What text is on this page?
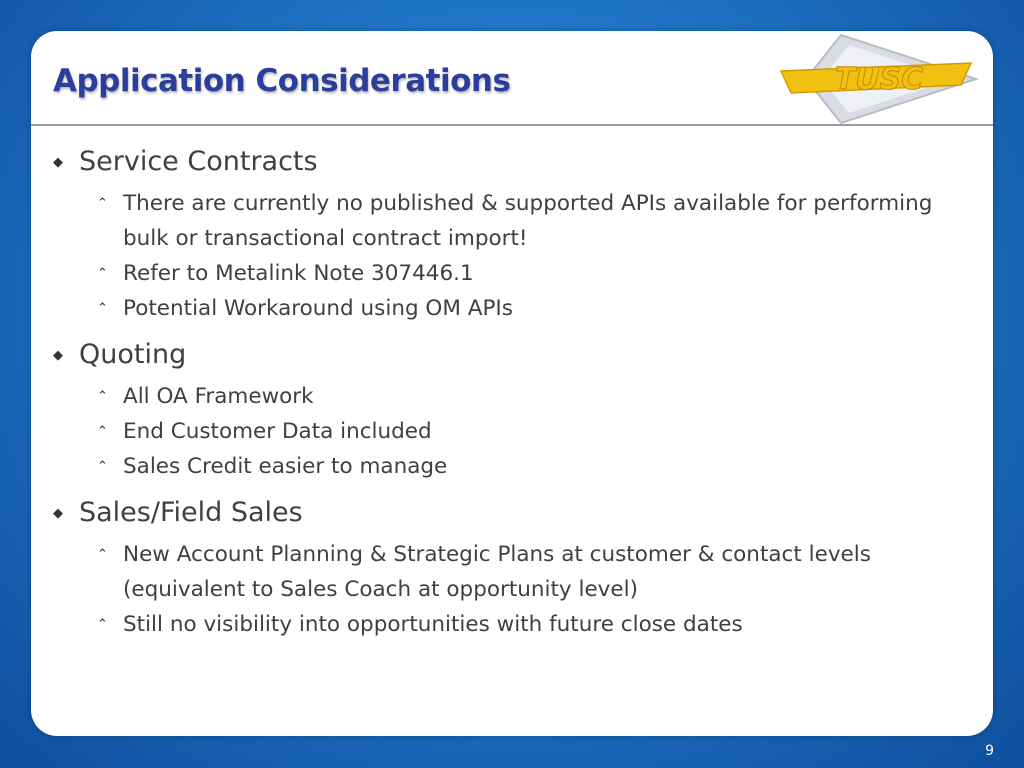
Application Considerations	TUSC
◆ Service Contracts
⌃ There are currently no published & supported APIs available for performing bulk or transactional contract import!
⌃ Refer to Metalink Note 307446.1
⌃ Potential Workaround using OM APIs
◆ Quoting
⌃ All OA Framework
⌃ End Customer Data included
⌃ Sales Credit easier to manage
◆ Sales/Field Sales
⌃ New Account Planning & Strategic Plans at customer & contact levels (equivalent to Sales Coach at opportunity level)
⌃ Still no visibility into opportunities with future close dates
9
